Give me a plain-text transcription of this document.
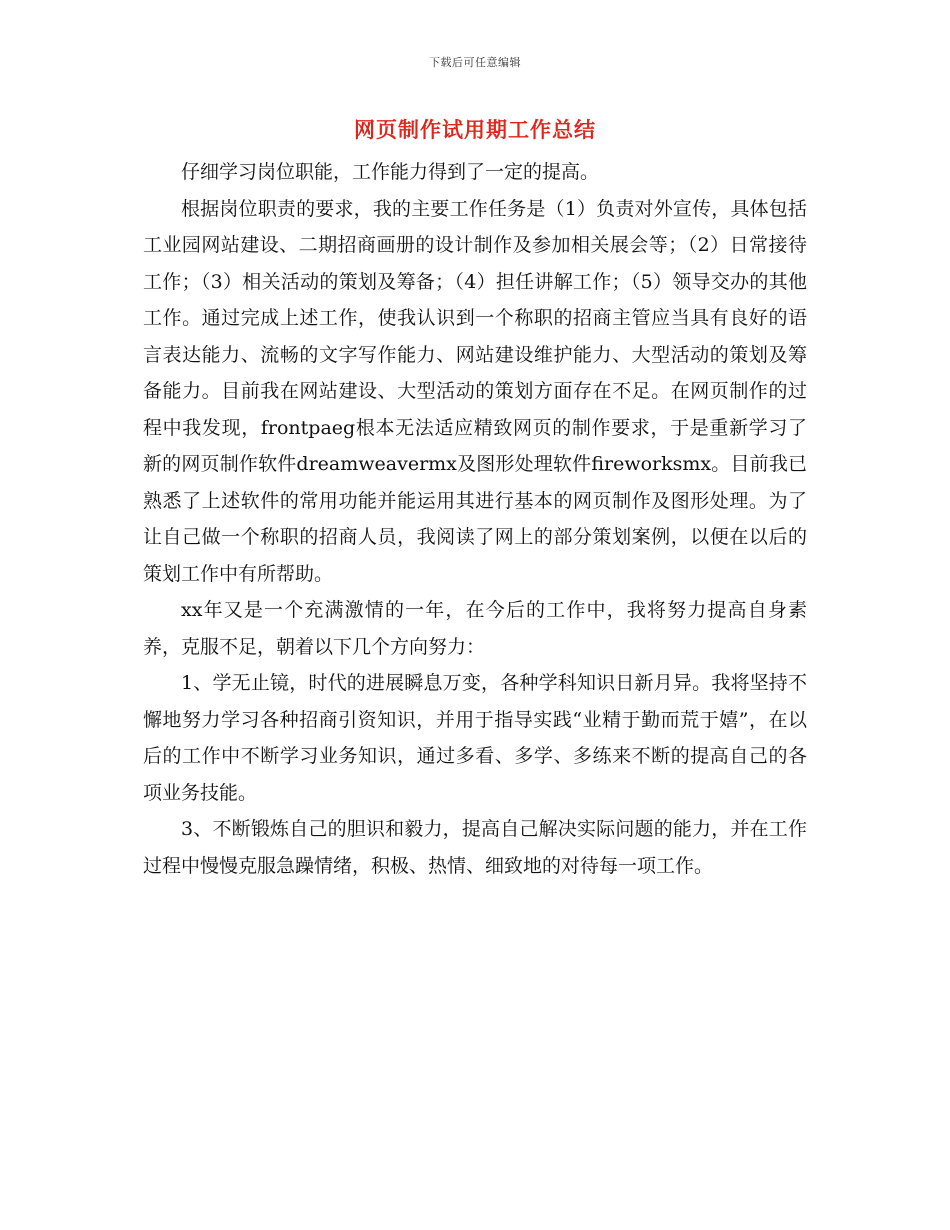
下载后可任意编辑
网页制作试用期工作总结

仔细学习岗位职能，工作能力得到了一定的提高。

根据岗位职责的要求，我的主要工作任务是（1）负责对外宣传，具体包括工业园网站建设、二期招商画册的设计制作及参加相关展会等；（2）日常接待工作；（3）相关活动的策划及筹备；（4）担任讲解工作；（5）领导交办的其他工作。通过完成上述工作，使我认识到一个称职的招商主管应当具有良好的语言表达能力、流畅的文字写作能力、网站建设维护能力、大型活动的策划及筹备能力。目前我在网站建设、大型活动的策划方面存在不足。在网页制作的过程中我发现，frontpaeg根本无法适应精致网页的制作要求，于是重新学习了新的网页制作软件dreamweavermx及图形处理软件fireworksmx。目前我已熟悉了上述软件的常用功能并能运用其进行基本的网页制作及图形处理。为了让自己做一个称职的招商人员，我阅读了网上的部分策划案例，以便在以后的策划工作中有所帮助。

xx年又是一个充满激情的一年，在今后的工作中，我将努力提高自身素养，克服不足，朝着以下几个方向努力：

1、学无止镜，时代的进展瞬息万变，各种学科知识日新月异。我将坚持不懈地努力学习各种招商引资知识，并用于指导实践“业精于勤而荒于嬉”，在以后的工作中不断学习业务知识，通过多看、多学、多练来不断的提高自己的各项业务技能。

3、不断锻炼自己的胆识和毅力，提高自己解决实际问题的能力，并在工作过程中慢慢克服急躁情绪，积极、热情、细致地的对待每一项工作。
